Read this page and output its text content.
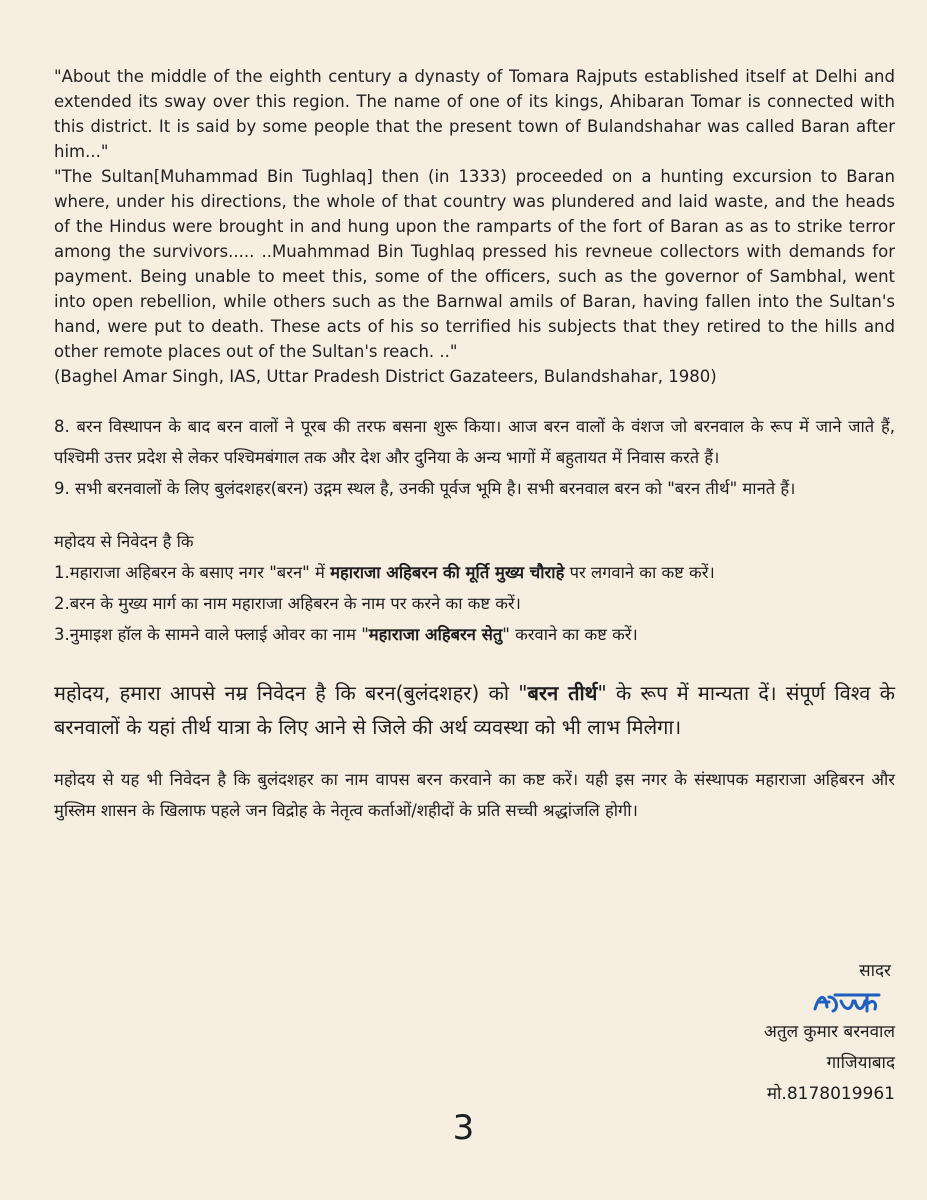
"About the middle of the eighth century a dynasty of Tomara Rajputs established itself at Delhi and extended its sway over this region. The name of one of its kings, Ahibaran Tomar is connected with this district. It is said by some people that the present town of Bulandshahar was called Baran after him..."

"The Sultan[Muhammad Bin Tughlaq] then (in 1333) proceeded on a hunting excursion to Baran where, under his directions, the whole of that country was plundered and laid waste, and the heads of the Hindus were brought in and hung upon the ramparts of the fort of Baran as as to strike terror among the survivors..... ..Muahmmad Bin Tughlaq pressed his revneue collectors with demands for payment. Being unable to meet this, some of the officers, such as the governor of Sambhal, went into open rebellion, while others such as the Barnwal amils of Baran, having fallen into the Sultan's hand, were put to death. These acts of his so terrified his subjects that they retired to the hills and other remote places out of the Sultan's reach. .."

(Baghel Amar Singh, IAS, Uttar Pradesh District Gazateers, Bulandshahar, 1980)

8. बरन विस्थापन के बाद बरन वालों ने पूरब की तरफ बसना शुरू किया। आज बरन वालों के वंशज जो बरनवाल के रूप में जाने जाते हैं, पश्चिमी उत्तर प्रदेश से लेकर पश्चिमबंगाल तक और देश और दुनिया के अन्य भागों में बहुतायत में निवास करते हैं।

9. सभी बरनवालों के लिए बुलंदशहर(बरन) उद्गम स्थल है, उनकी पूर्वज भूमि है। सभी बरनवाल बरन को "बरन तीर्थ" मानते हैं।

महोदय से निवेदन है कि

1.महाराजा अहिबरन के बसाए नगर "बरन" में महाराजा अहिबरन की मूर्ति मुख्य चौराहे पर लगवाने का कष्ट करें।

2.बरन के मुख्य मार्ग का नाम महाराजा अहिबरन के नाम पर करने का कष्ट करें।

3.नुमाइश हॉल के सामने वाले फ्लाई ओवर का नाम "महाराजा अहिबरन सेतु" करवाने का कष्ट करें।

महोदय, हमारा आपसे नम्र निवेदन है कि बरन(बुलंदशहर) को "बरन तीर्थ" के रूप में मान्यता दें। संपूर्ण विश्व के बरनवालों के यहां तीर्थ यात्रा के लिए आने से जिले की अर्थ व्यवस्था को भी लाभ मिलेगा।

महोदय से यह भी निवेदन है कि बुलंदशहर का नाम वापस बरन करवाने का कष्ट करें। यही इस नगर के संस्थापक महाराजा अहिबरन और मुस्लिम शासन के खिलाफ पहले जन विद्रोह के नेतृत्व कर्ताओं/शहीदों के प्रति सच्ची श्रद्धांजलि होगी।

सादर
अतुल कुमार बरनवाल
गाजियाबाद
मो.8178019961
3
